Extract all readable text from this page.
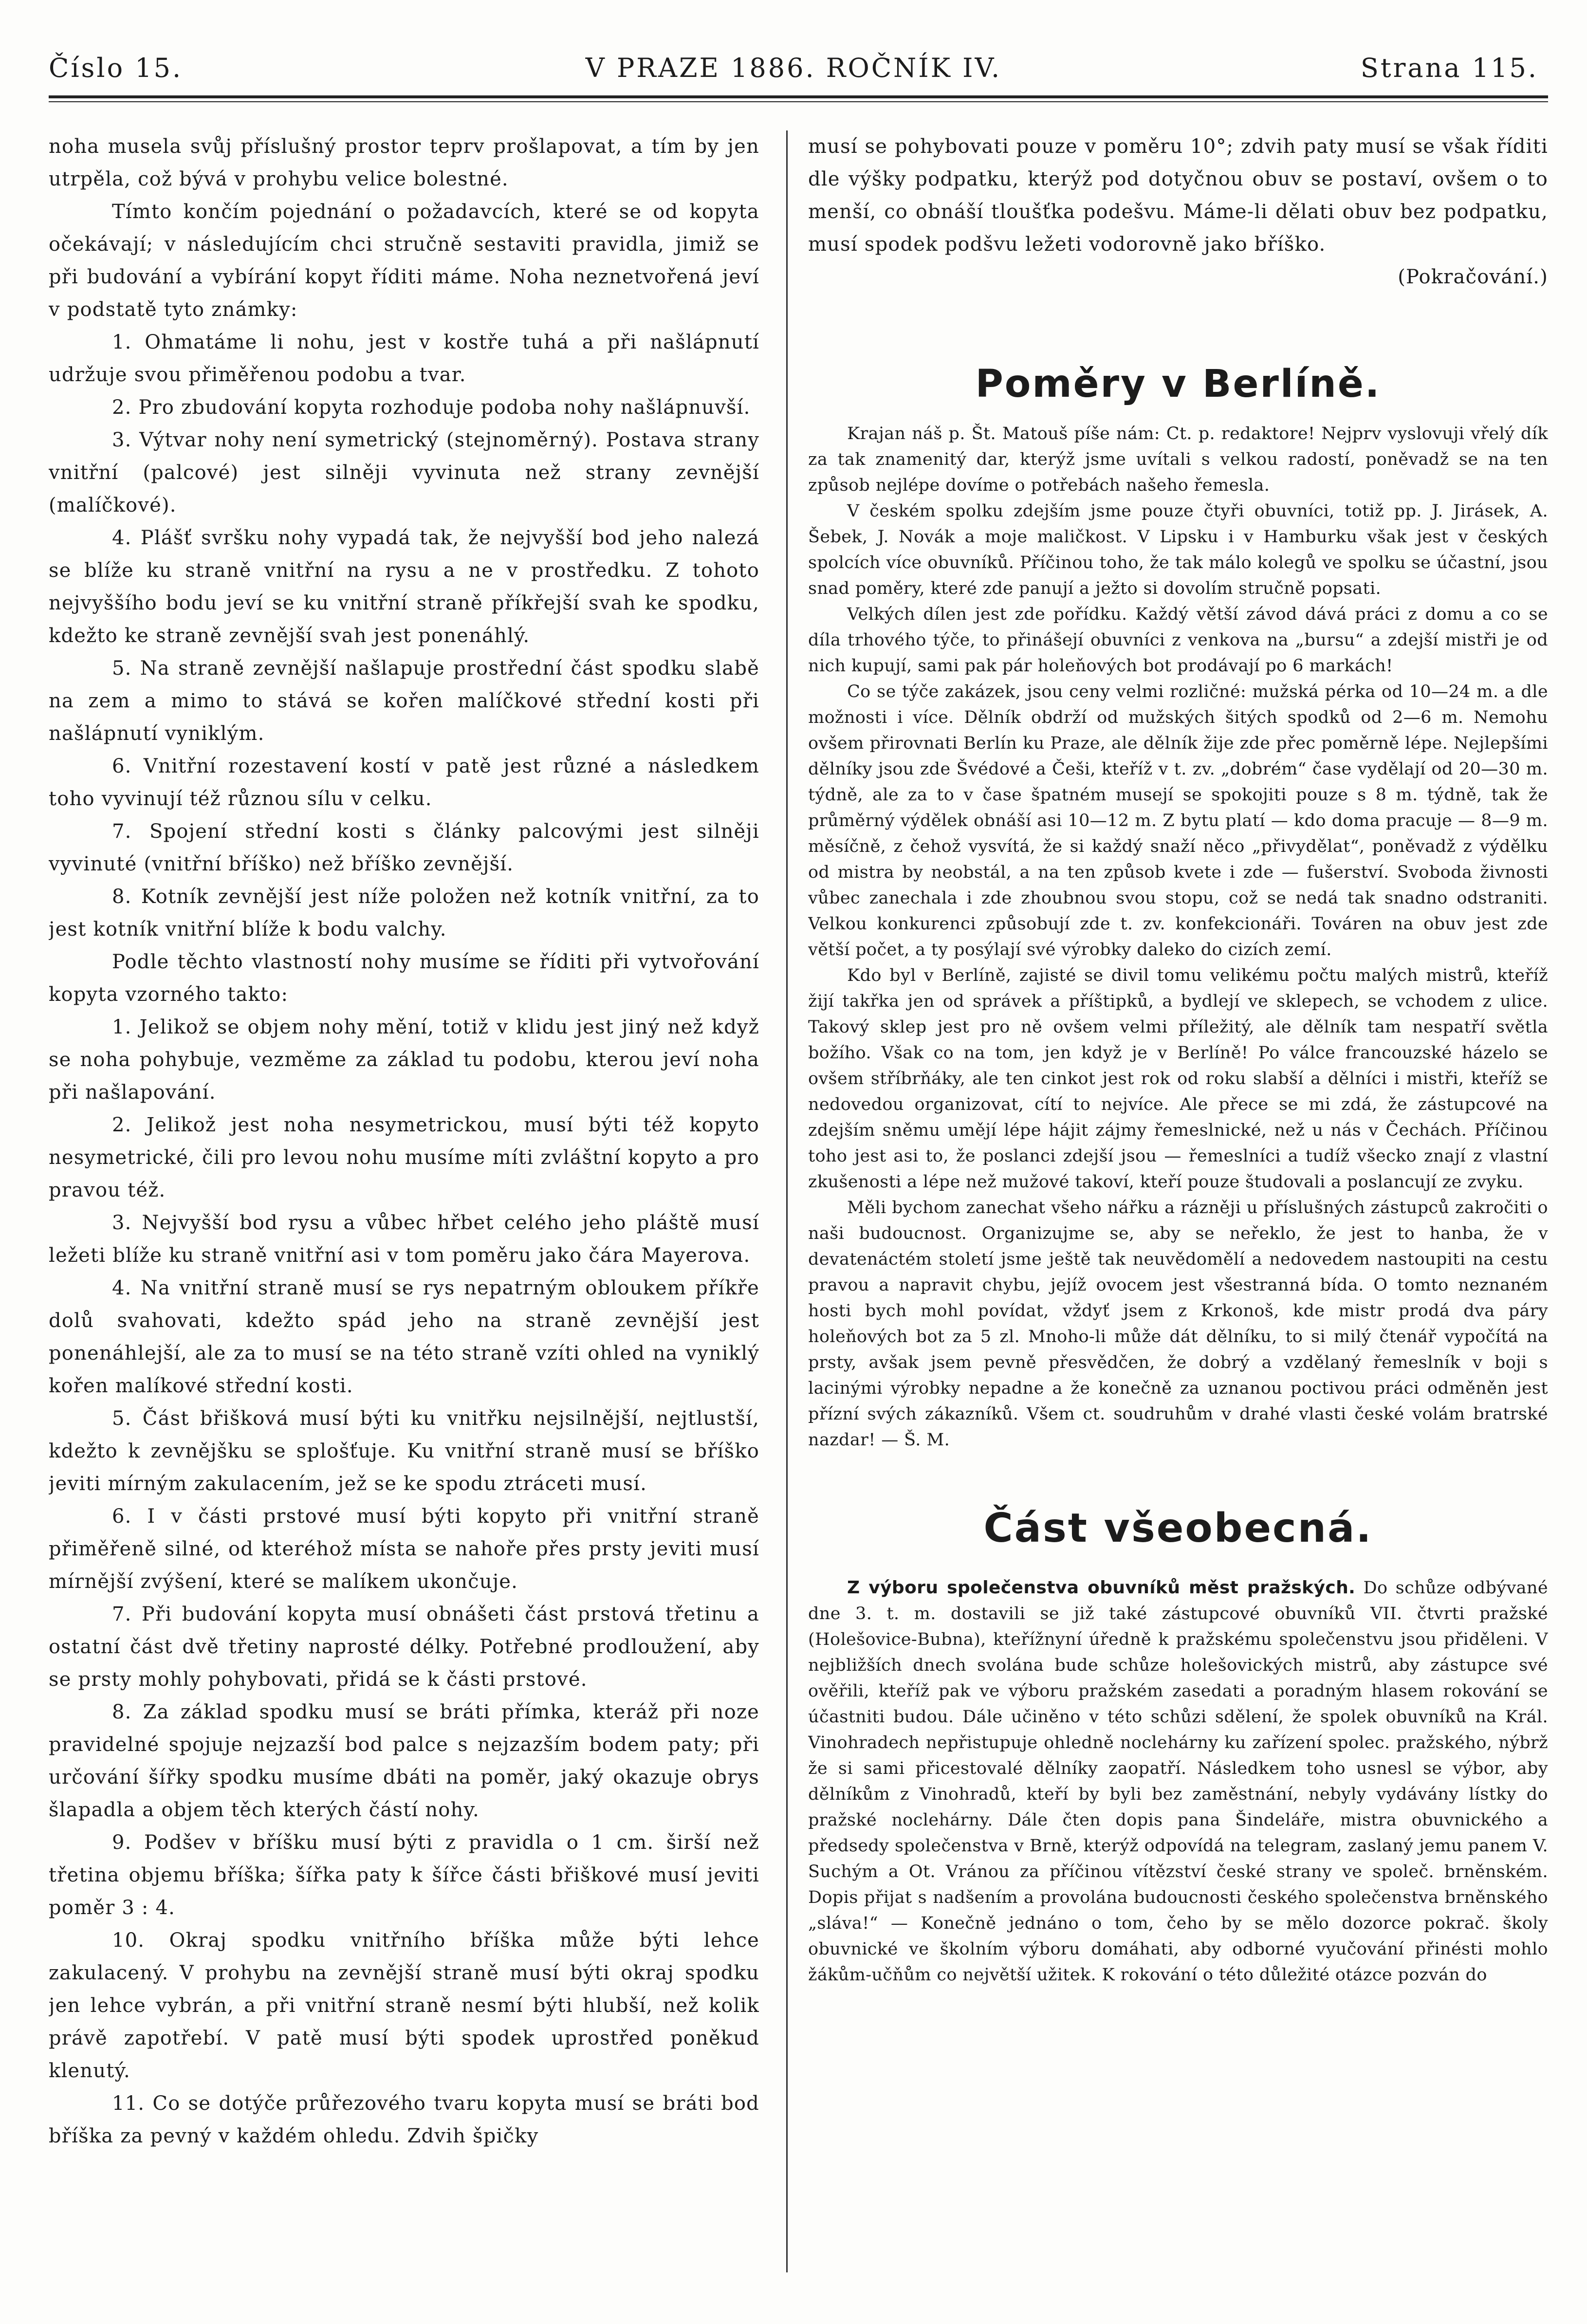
Číslo 15.	V PRAZE 1886. ROČNÍK IV.	Strana 115.

noha musela svůj příslušný prostor teprv prošlapovat, a tím by jen utrpěla, což bývá v prohybu velice bolestné.

Tímto končím pojednání o požadavcích, které se od kopyta očekávají; v následujícím chci stručně sestaviti pravidla, jimiž se při budování a vybírání kopyt říditi máme. Noha neznetvořená jeví v podstatě tyto známky:

1. Ohmatáme li nohu, jest v kostře tuhá a při našlápnutí udržuje svou přiměřenou podobu a tvar.

2. Pro zbudování kopyta rozhoduje podoba nohy našlápnuvší.

3. Výtvar nohy není symetrický (stejnoměrný). Postava strany vnitřní (palcové) jest silněji vyvinuta než strany zevnější (malíčkové).

4. Plášť svršku nohy vypadá tak, že nejvyšší bod jeho nalezá se blíže ku straně vnitřní na rysu a ne v prostředku. Z tohoto nejvyššího bodu jeví se ku vnitřní straně příkřejší svah ke spodku, kdežto ke straně zevnější svah jest ponenáhlý.

5. Na straně zevnější našlapuje prostřední část spodku slabě na zem a mimo to stává se kořen malíčkové střední kosti při našlápnutí vyniklým.

6. Vnitřní rozestavení kostí v patě jest různé a následkem toho vyvinují též různou sílu v celku.

7. Spojení střední kosti s články palcovými jest silněji vyvinuté (vnitřní bříško) než bříško zevnější.

8. Kotník zevnější jest níže položen než kotník vnitřní, za to jest kotník vnitřní blíže k bodu valchy.

Podle těchto vlastností nohy musíme se říditi při vytvořování kopyta vzorného takto:

1. Jelikož se objem nohy mění, totiž v klidu jest jiný než když se noha pohybuje, vezměme za základ tu podobu, kterou jeví noha při našlapování.

2. Jelikož jest noha nesymetrickou, musí býti též kopyto nesymetrické, čili pro levou nohu musíme míti zvláštní kopyto a pro pravou též.

3. Nejvyšší bod rysu a vůbec hřbet celého jeho pláště musí ležeti blíže ku straně vnitřní asi v tom poměru jako čára Mayerova.

4. Na vnitřní straně musí se rys nepatrným obloukem příkře dolů svahovati, kdežto spád jeho na straně zevnější jest ponenáhlejší, ale za to musí se na této straně vzíti ohled na vyniklý kořen malíkové střední kosti.

5. Část břišková musí býti ku vnitřku nejsilnější, nejtlustší, kdežto k zevnějšku se splošťuje. Ku vnitřní straně musí se bříško jeviti mírným zakulacením, jež se ke spodu ztráceti musí.

6. I v části prstové musí býti kopyto při vnitřní straně přiměřeně silné, od kteréhož místa se nahoře přes prsty jeviti musí mírnější zvýšení, které se malíkem ukončuje.

7. Při budování kopyta musí obnášeti část prstová třetinu a ostatní část dvě třetiny naprosté délky. Potřebné prodloužení, aby se prsty mohly pohybovati, přidá se k části prstové.

8. Za základ spodku musí se bráti přímka, kteráž při noze pravidelné spojuje nejzazší bod palce s nejzazším bodem paty; při určování šířky spodku musíme dbáti na poměr, jaký okazuje obrys šlapadla a objem těch kterých částí nohy.

9. Podšev v bříšku musí býti z pravidla o 1 cm. širší než třetina objemu bříška; šířka paty k šířce části břiškové musí jeviti poměr 3 : 4.

10. Okraj spodku vnitřního bříška může býti lehce zakulacený. V prohybu na zevnější straně musí býti okraj spodku jen lehce vybrán, a při vnitřní straně nesmí býti hlubší, než kolik právě zapotřebí. V patě musí býti spodek uprostřed poněkud klenutý.

11. Co se dotýče průřezového tvaru kopyta musí se bráti bod bříška za pevný v každém ohledu. Zdvih špičky

musí se pohybovati pouze v poměru 10°; zdvih paty musí se však říditi dle výšky podpatku, kterýž pod dotyčnou obuv se postaví, ovšem o to menší, co obnáší tloušťka podešvu. Máme-li dělati obuv bez podpatku, musí spodek podšvu ležeti vodorovně jako bříško.

(Pokračování.)
Poměry v Berlíně.

Krajan náš p. Št. Matouš píše nám: Ct. p. redaktore! Nejprv vyslovuji vřelý dík za tak znamenitý dar, kterýž jsme uvítali s velkou radostí, poněvadž se na ten způsob nejlépe dovíme o potřebách našeho řemesla.

V českém spolku zdejším jsme pouze čtyři obuvníci, totiž pp. J. Jirásek, A. Šebek, J. Novák a moje maličkost. V Lipsku i v Hamburku však jest v českých spolcích více obuvníků. Příčinou toho, že tak málo kolegů ve spolku se účastní, jsou snad poměry, které zde panují a ježto si dovolím stručně popsati.

Velkých dílen jest zde pořídku. Každý větší závod dává práci z domu a co se díla trhového týče, to přinášejí obuvníci z venkova na „bursu“ a zdejší mistři je od nich kupují, sami pak pár holeňových bot prodávají po 6 markách!

Co se týče zakázek, jsou ceny velmi rozličné: mužská pérka od 10—24 m. a dle možnosti i více. Dělník obdrží od mužských šitých spodků od 2—6 m. Nemohu ovšem přirovnati Berlín ku Praze, ale dělník žije zde přec poměrně lépe. Nejlepšími dělníky jsou zde Švédové a Češi, kteříž v t. zv. „dobrém“ čase vydělají od 20—30 m. týdně, ale za to v čase špatném musejí se spokojiti pouze s 8 m. týdně, tak že průměrný výdělek obnáší asi 10—12 m. Z bytu platí — kdo doma pracuje — 8—9 m. měsíčně, z čehož vysvítá, že si každý snaží něco „přivydělat“, poněvadž z výdělku od mistra by neobstál, a na ten způsob kvete i zde — fušerství. Svoboda živnosti vůbec zanechala i zde zhoubnou svou stopu, což se nedá tak snadno odstraniti. Velkou konkurenci způsobují zde t. zv. konfekcionáři. Továren na obuv jest zde větší počet, a ty posýlají své výrobky daleko do cizích zemí.

Kdo byl v Berlíně, zajisté se divil tomu velikému počtu malých mistrů, kteříž žijí takřka jen od správek a příštipků, a bydlejí ve sklepech, se vchodem z ulice. Takový sklep jest pro ně ovšem velmi příležitý, ale dělník tam nespatří světla božího. Však co na tom, jen když je v Berlíně! Po válce francouzské házelo se ovšem stříbrňáky, ale ten cinkot jest rok od roku slabší a dělníci i mistři, kteříž se nedovedou organizovat, cítí to nejvíce. Ale přece se mi zdá, že zástupcové na zdejším sněmu umějí lépe hájit zájmy řemeslnické, než u nás v Čechách. Příčinou toho jest asi to, že poslanci zdejší jsou — řemeslníci a tudíž všecko znají z vlastní zkušenosti a lépe než mužové takoví, kteří pouze študovali a poslancují ze zvyku.

Měli bychom zanechat všeho nářku a rázněji u příslušných zástupců zakročiti o naši budoucnost. Organizujme se, aby se neřeklo, že jest to hanba, že v devatenáctém století jsme ještě tak neuvědomělí a nedovedem nastoupiti na cestu pravou a napravit chybu, jejíž ovocem jest všestranná bída. O tomto neznaném hosti bych mohl povídat, vždyť jsem z Krkonoš, kde mistr prodá dva páry holeňových bot za 5 zl. Mnoho-li může dát dělníku, to si milý čtenář vypočítá na prsty, avšak jsem pevně přesvědčen, že dobrý a vzdělaný řemeslník v boji s lacinými výrobky nepadne a že konečně za uznanou poctivou práci odměněn jest přízní svých zákazníků. Všem ct. soudruhům v drahé vlasti české volám bratrské nazdar! — Š. M.

Část všeobecná.

Z výboru společenstva obuvníků měst pražských. Do schůze odbývané dne 3. t. m. dostavili se již také zástupcové obuvníků VII. čtvrti pražské (Holešovice-Bubna), kteřížnyní úředně k pražskému společenstvu jsou přiděleni. V nejbližších dnech svolána bude schůze holešovických mistrů, aby zástupce své ověřili, kteříž pak ve výboru pražském zasedati a poradným hlasem rokování se účastniti budou. Dále učiněno v této schůzi sdělení, že spolek obuvníků na Král. Vinohradech nepřistupuje ohledně noclehárny ku zařízení spolec. pražského, nýbrž že si sami přicestovalé dělníky zaopatří. Následkem toho usnesl se výbor, aby dělníkům z Vinohradů, kteří by byli bez zaměstnání, nebyly vydávány lístky do pražské noclehárny. Dále čten dopis pana Šindeláře, mistra obuvnického a předsedy společenstva v Brně, kterýž odpovídá na telegram, zaslaný jemu panem V. Suchým a Ot. Vránou za příčinou vítězství české strany ve společ. brněnském. Dopis přijat s nadšením a provolána budoucnosti českého společenstva brněnského „sláva!“ — Konečně jednáno o tom, čeho by se mělo dozorce pokrač. školy obuvnické ve školním výboru domáhati, aby odborné vyučování přinésti mohlo žákům-učňům co největší užitek. K rokování o této důležité otázce pozván do
